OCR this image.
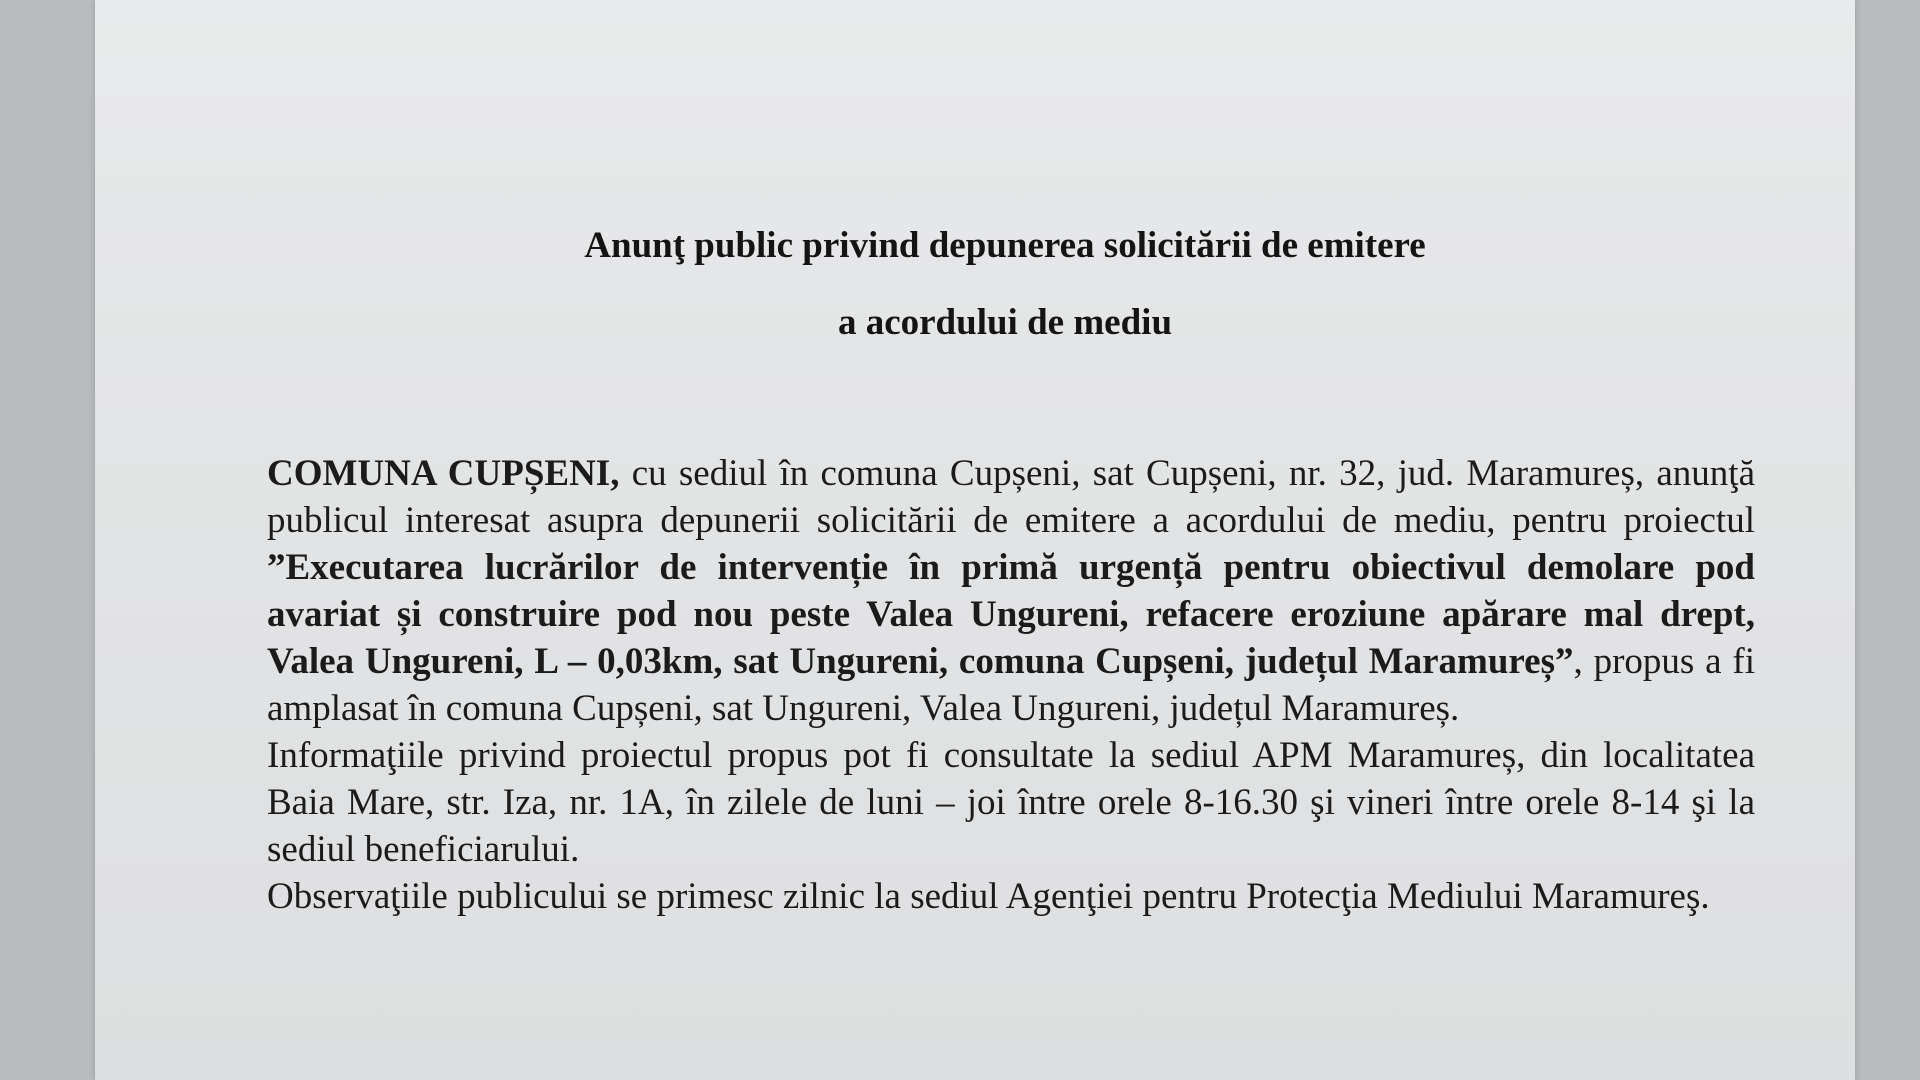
Anunţ public privind depunerea solicitării de emitere
a acordului de mediu

COMUNA CUPȘENI, cu sediul în comuna Cupșeni, sat Cupșeni, nr. 32, jud. Maramureș, anunţă publicul interesat asupra depunerii solicitării de emitere a acordului de mediu, pentru proiectul ”Executarea lucrărilor de intervenție în primă urgență pentru obiectivul demolare pod avariat și construire pod nou peste Valea Ungureni, refacere eroziune apărare mal drept, Valea Ungureni, L – 0,03km, sat Ungureni, comuna Cupșeni, județul Maramureș”, propus a fi amplasat în comuna Cupșeni, sat Ungureni, Valea Ungureni, județul Maramureș.

Informaţiile privind proiectul propus pot fi consultate la sediul APM Maramureș, din localitatea Baia Mare, str. Iza, nr. 1A, în zilele de luni – joi între orele 8-16.30 şi vineri între orele 8-14 şi la sediul beneficiarului.

Observaţiile publicului se primesc zilnic la sediul Agenţiei pentru Protecţia Mediului Maramureş.
